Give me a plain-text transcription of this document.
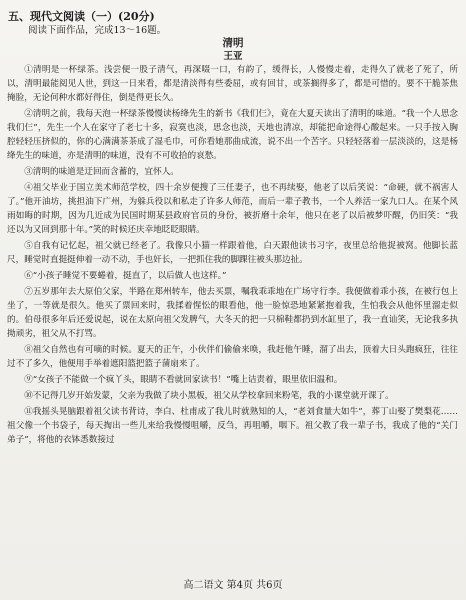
五、现代文阅读（一）(20分)
阅读下面作品，完成13～16题。
清明
王亚

①清明是一杯绿茶。浅尝便一股子清气，再深啜一口，有韵了，缓得长，人慢慢走着，走得久了就老了死了，所以，清明最能阅见人世，到这一日来看，都是清淡得有些委屈，或有回甘，或茶搁得多了，都是可惜的。要不干脆茶焦掩脸，无论何种水都好得住，倒是得更长久。

②清明之前，我每天泡一杯绿茶慢慢读杨绛先生的新书《我们仨》，竟在大夏天读出了清明的味道。“我一个人思念我们仨”，先生一个人在家守了老七十多，寂寞也淡，思念也淡，天地也清凉，却能把命途得心酸起来。一只手按入胸腔轻轻压挤似的，你的心满满茶茶成了湿毛巾，可你看她那曲成流，说不出一个苦字。只轻轻落着一层淡淡的，这是杨绛先生的味道，亦是清明的味道，没有不可收拾的哀愁。

③清明的味道是迂回而含蓄的，宜怀人。

④祖父毕业于国立美术师范学校，四十余岁便搜了三任妻子，也不再续娶，他老了以后笑说：“命硬，就不祸害人了。”他开油坊，挑担油下广州，为躲兵役以和私走了许多人师范，而后一辈子教书，一个人养活一家九口人。在某个风雨如晦的时期，因为几近成为民国时期某县政府官员的身份，被折磨十余年，他只在老了以后被梦吓醒，仍旧笑：“我还以为又回到那十年。”笑的时候还庆幸地眨眨眼睛。

⑤自我有记忆起，祖父就已经老了。我像只小猫一样跟着他，白天跟他读书习字，夜里总给他捉被窝。他脚长蓝尺，睡觉时直挺挺伸着一动不动，手也奸长，一把抓住我的脚踝往被头那边扯。

⑥“小孩子睡觉不要蜷着，挺直了，以后做人也这样。”

⑦五岁那年去大原伯父家，半路在郑州转车，他去买票，嘱我乖乖地在广场守行李。我便做着乖小孩，在被行包上坐了，一等就是很久。他买了票回来时，我揉着惺忪的眼看他，他一脸惊恐地紧紧抱着我，生怕我会从他怀里溜走似的。伯母很多年后还爱说起，说在太原向祖父发脾气，大冬天的把一只棉鞋都扔到水缸里了，我一直讪笑，无论我多执拗顽劣，祖父从不打骂。

⑧祖父自然也有可嘀的时候。夏天的正午，小伙伴们偷偷来唤，我赶他午睡，溜了出去，顶着大日头跑疯狂，往往过不了多久，他便用手举着遮阳篮把篮子蒲扇来了。

⑨“女孩子不能做一个疯丫头，眼睛不看就回家读书！”嘴上诘责着，眼里依旧温和。

⑩不记得几岁开始发蒙，父亲为我做了块小黑板，祖父从学校拿回来粉笔，我的小课堂就开课了。

⑪我摇头晃脑跟着祖父读书背诗，李白、杜甫成了我儿时就熟知的人，“老刘食量大如牛”，葬丁山娶了樊梨花……祖父像一个书袋子，每天掏出一些儿来给我慢慢咀嚼，反刍，再咀嚼，咽下。祖父教了我一辈子书，我成了他的“关门弟子”，将他的衣钵悉数接过

高二语文 第4页 共6页
